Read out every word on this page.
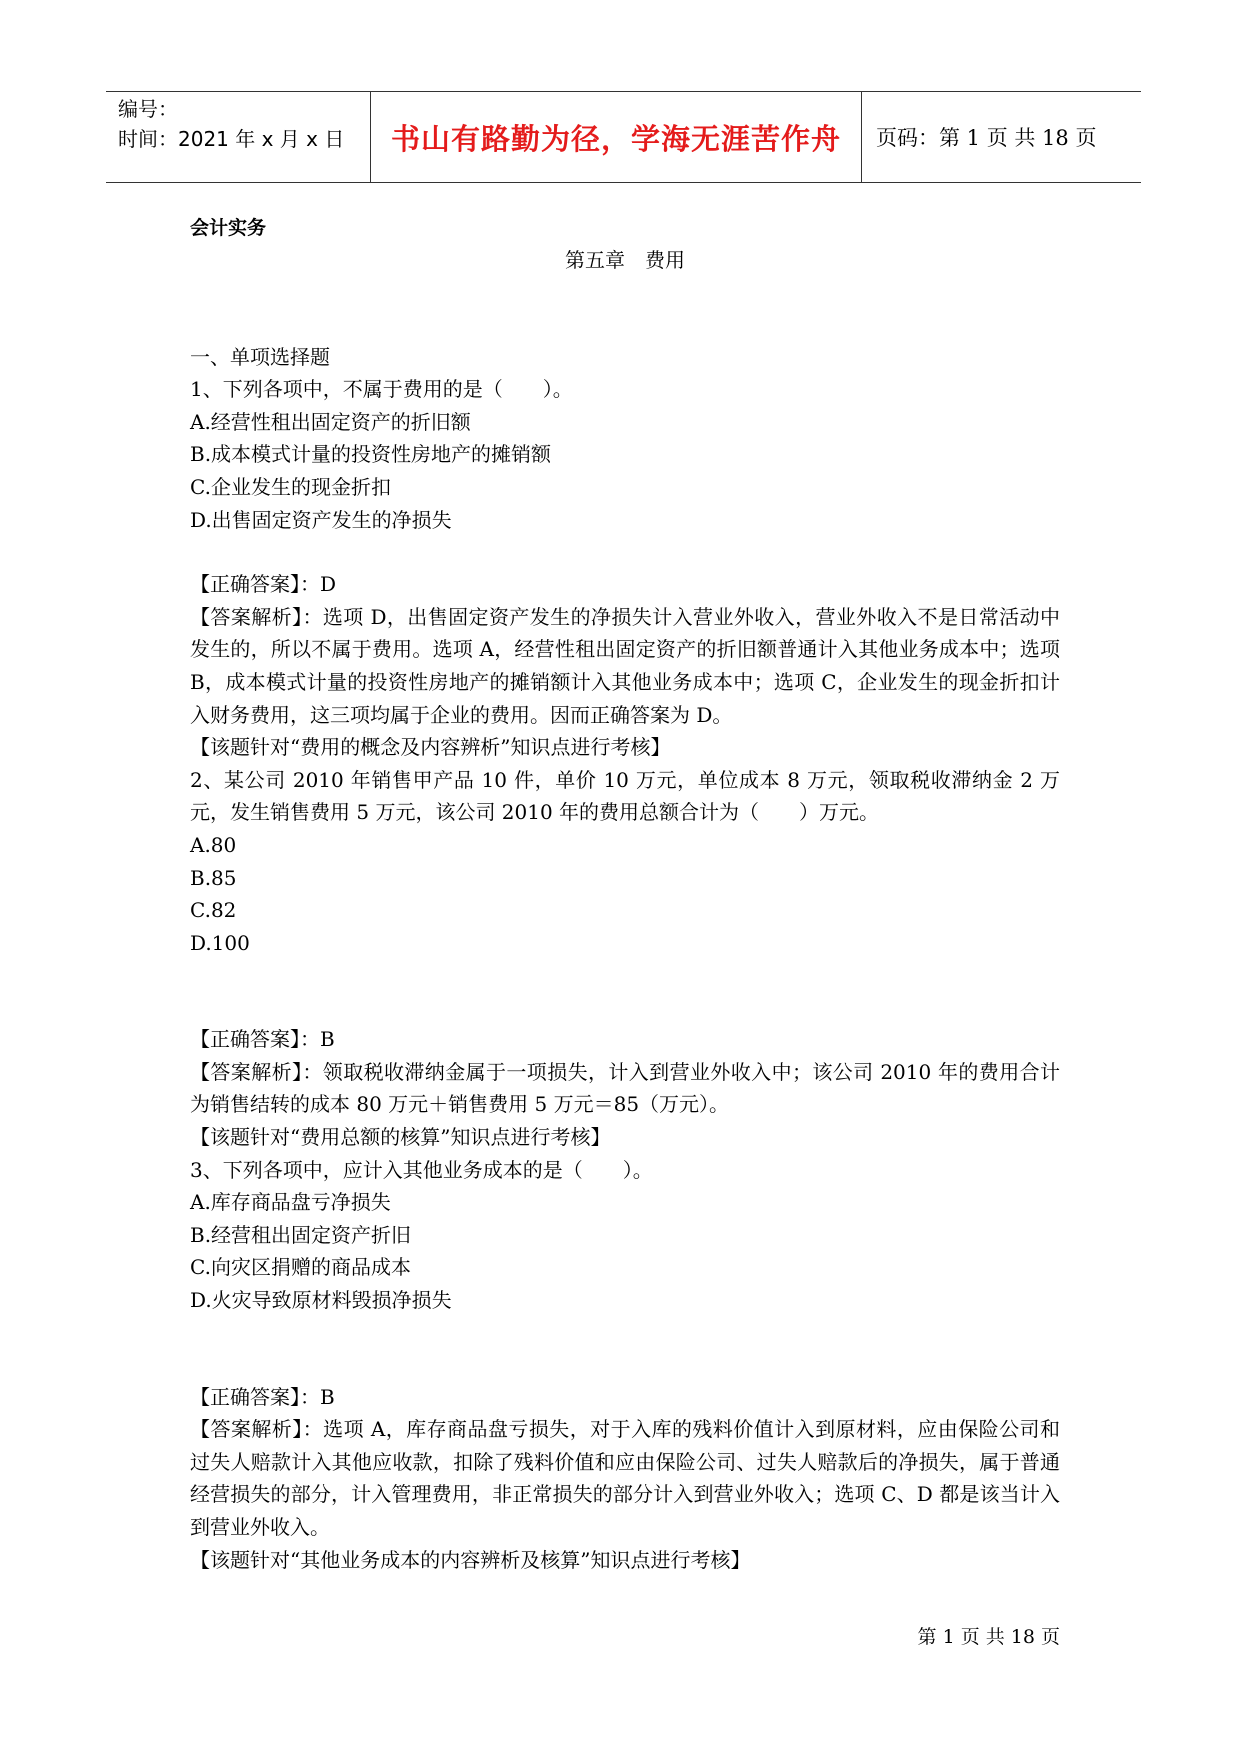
编号：
时间：2021 年 x 月 x 日	书山有路勤为径，学海无涯苦作舟	页码：第 1 页 共 18 页
会计实务
第五章　费用
一、单项选择题
1、下列各项中，不属于费用的是（　　）。
A.经营性租出固定资产的折旧额
B.成本模式计量的投资性房地产的摊销额
C.企业发生的现金折扣
D.出售固定资产发生的净损失
【正确答案】：D
【答案解析】：选项 D，出售固定资产发生的净损失计入营业外收入，营业外收入不是日常活动中发生的，所以不属于费用。选项 A，经营性租出固定资产的折旧额普通计入其他业务成本中；选项 B，成本模式计量的投资性房地产的摊销额计入其他业务成本中；选项 C，企业发生的现金折扣计入财务费用，这三项均属于企业的费用。因而正确答案为 D。
【该题针对“费用的概念及内容辨析”知识点进行考核】
2、某公司 2010 年销售甲产品 10 件，单价 10 万元，单位成本 8 万元，领取税收滞纳金 2 万元，发生销售费用 5 万元，该公司 2010 年的费用总额合计为（　　）万元。
A.80
B.85
C.82
D.100
【正确答案】：B
【答案解析】：领取税收滞纳金属于一项损失，计入到营业外收入中；该公司 2010 年的费用合计为销售结转的成本 80 万元＋销售费用 5 万元＝85（万元）。
【该题针对“费用总额的核算”知识点进行考核】
3、下列各项中，应计入其他业务成本的是（　　）。
A.库存商品盘亏净损失
B.经营租出固定资产折旧
C.向灾区捐赠的商品成本
D.火灾导致原材料毁损净损失
【正确答案】：B
【答案解析】：选项 A，库存商品盘亏损失，对于入库的残料价值计入到原材料，应由保险公司和过失人赔款计入其他应收款，扣除了残料价值和应由保险公司、过失人赔款后的净损失，属于普通经营损失的部分，计入管理费用，非正常损失的部分计入到营业外收入；选项 C、D 都是该当计入到营业外收入。
【该题针对“其他业务成本的内容辨析及核算”知识点进行考核】
第 1 页 共 18 页
